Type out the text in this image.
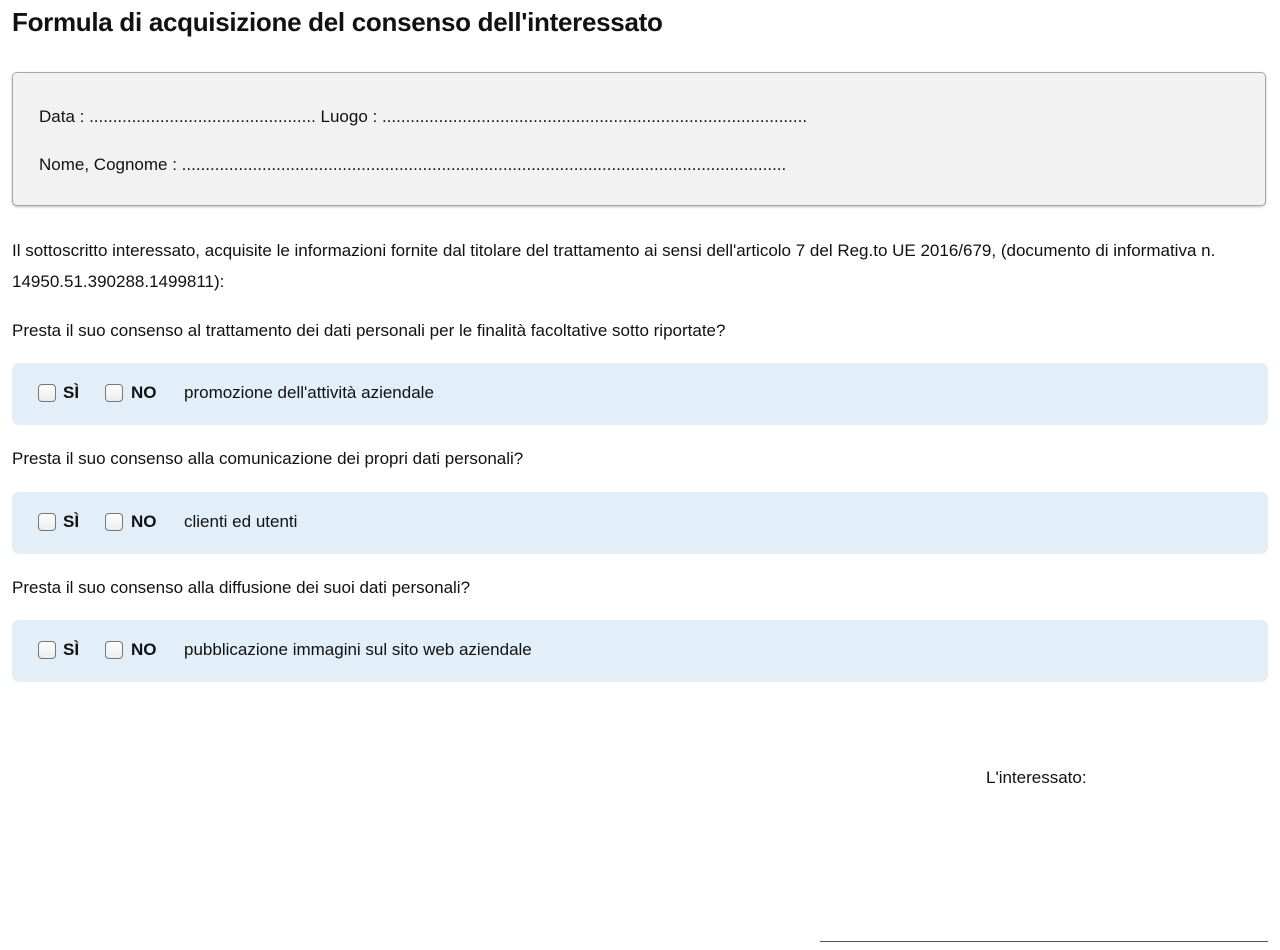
Formula di acquisizione del consenso dell'interessato
Data : ................................................ Luogo : ..........................................................................................
Nome, Cognome : ................................................................................................................................

Il sottoscritto interessato, acquisite le informazioni fornite dal titolare del trattamento ai sensi dell'articolo 7 del Reg.to UE 2016/679, (documento di informativa n. 14950.51.390288.1499811):

Presta il suo consenso al trattamento dei dati personali per le finalità facoltative sotto riportate?

SÌ	NO promozione dell'attività aziendale

Presta il suo consenso alla comunicazione dei propri dati personali?

SÌ	NO clienti ed utenti

Presta il suo consenso alla diffusione dei suoi dati personali?

SÌ	NO pubblicazione immagini sul sito web aziendale
L'interessato:
